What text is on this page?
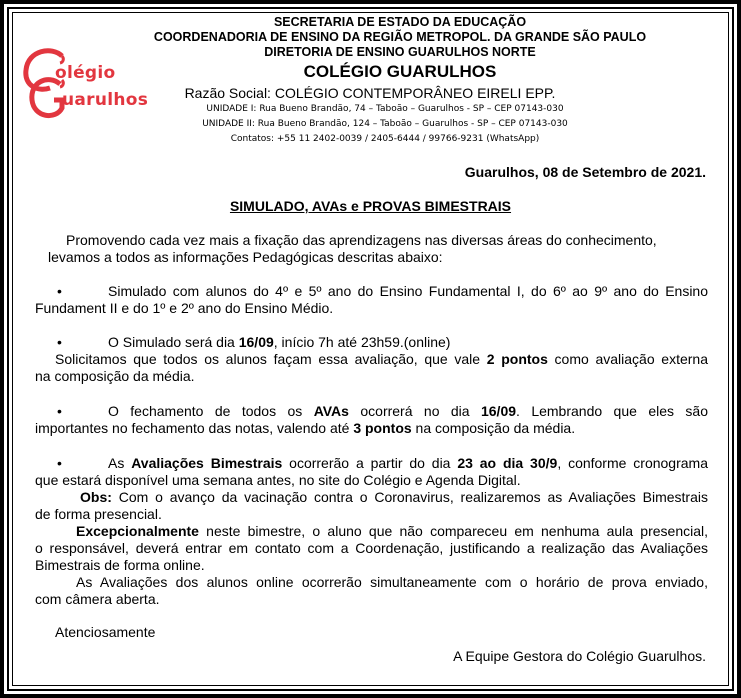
olégio
uarulhos
SECRETARIA DE ESTADO DA EDUCAÇÃO
COORDENADORIA DE ENSINO DA REGIÃO METROPOL. DA GRANDE SÃO PAULO
DIRETORIA DE ENSINO GUARULHOS NORTE
COLÉGIO GUARULHOS
Razão Social: COLÉGIO CONTEMPORÂNEO EIRELI EPP.
UNIDADE I: Rua Bueno Brandão, 74 – Taboão – Guarulhos - SP – CEP 07143-030
UNIDADE II: Rua Bueno Brandão, 124 – Taboão – Guarulhos - SP – CEP 07143-030
Contatos: +55 11 2402-0039 / 2405-6444 / 99766-9231 (WhatsApp)
Guarulhos, 08 de Setembro de 2021.
SIMULADO, AVAs e PROVAS BIMESTRAIS
Promovendo cada vez mais a fixação das aprendizagens nas diversas áreas do conhecimento,
levamos a todos as informações Pedagógicas descritas abaixo:
•	Simulado com alunos do 4º e 5º ano do Ensino Fundamental I, do 6º ao 9º ano do Ensino
Fundament II e do 1º e 2º ano do Ensino Médio.
•	O Simulado será dia 16/09, início 7h até 23h59.(online)
Solicitamos que todos os alunos façam essa avaliação, que vale 2 pontos como avaliação externa
na composição da média.
•	O fechamento de todos os AVAs ocorrerá no dia 16/09. Lembrando que eles são
importantes no fechamento das notas, valendo até 3 pontos na composição da média.
•	As Avaliações Bimestrais ocorrerão a partir do dia 23 ao dia 30/9, conforme cronograma
que estará disponível uma semana antes, no site do Colégio e Agenda Digital.
Obs: Com o avanço da vacinação contra o Coronavirus, realizaremos as Avaliações Bimestrais
de forma presencial.
Excepcionalmente neste bimestre, o aluno que não compareceu em nenhuma aula presencial,
o responsável, deverá entrar em contato com a Coordenação, justificando a realização das Avaliações
Bimestrais de forma online.
As Avaliações dos alunos online ocorrerão simultaneamente com o horário de prova enviado,
com câmera aberta.
Atenciosamente
A Equipe Gestora do Colégio Guarulhos.
